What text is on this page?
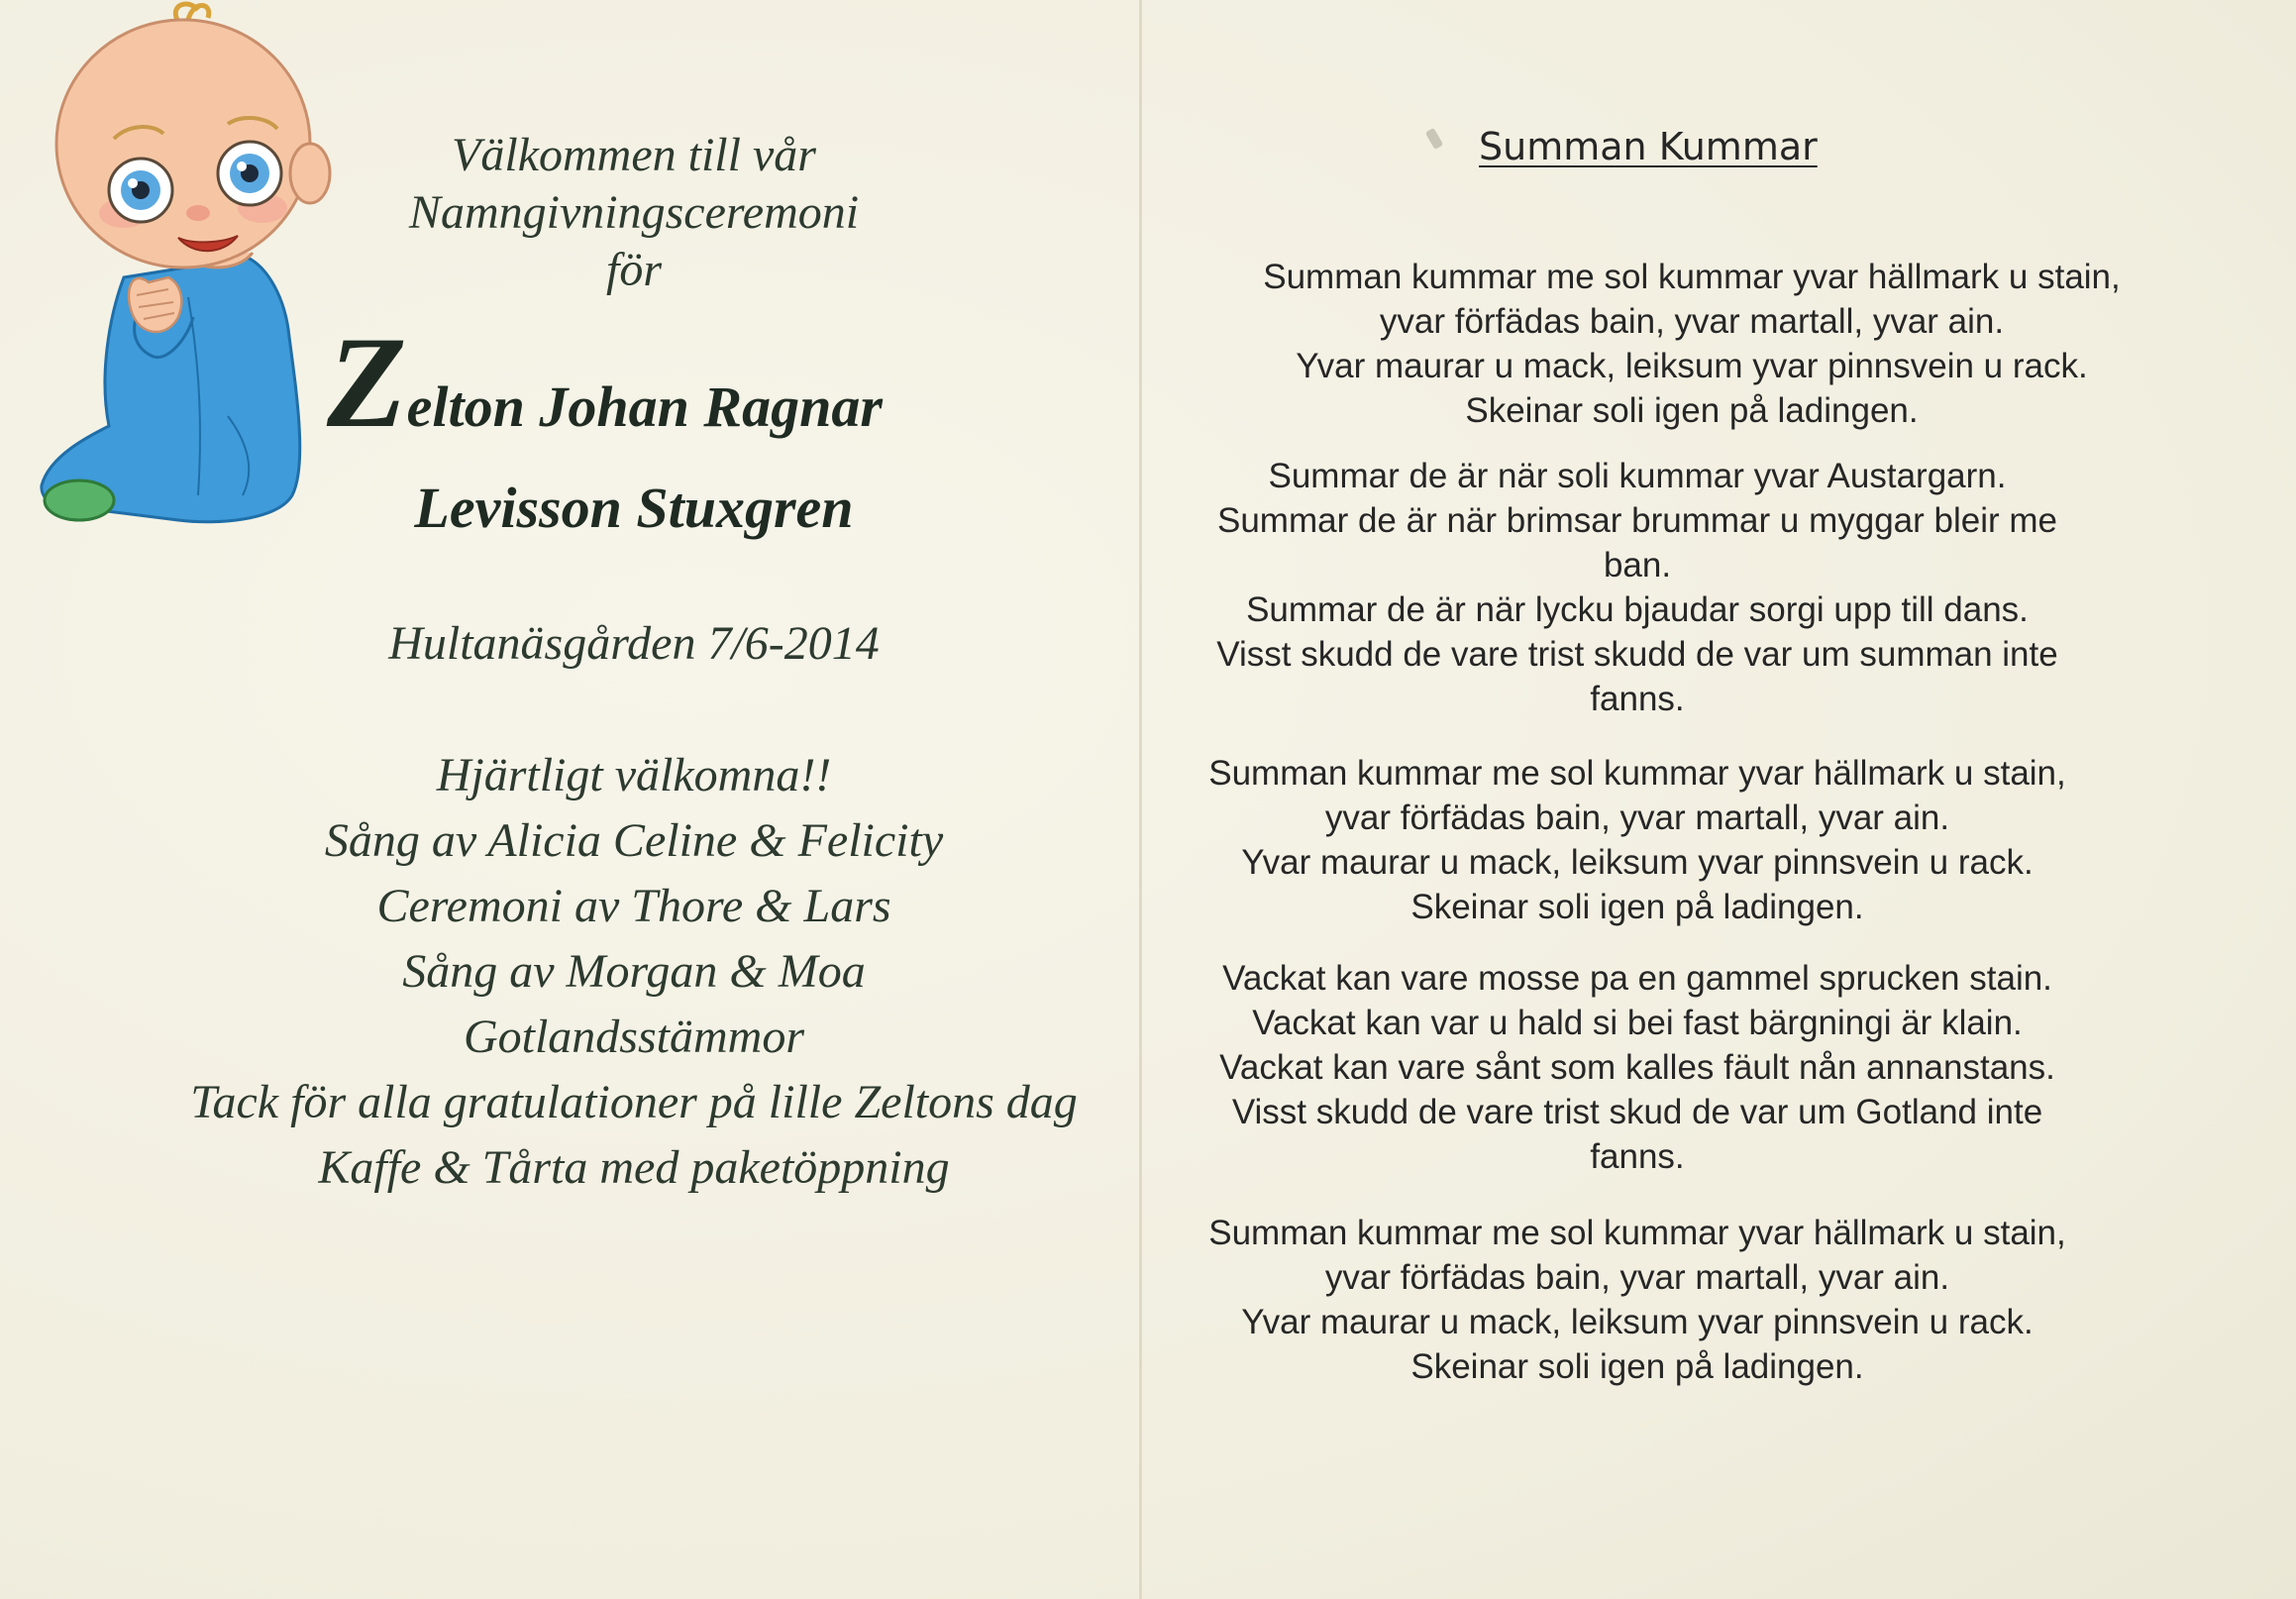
Välkommen till vår
Namngivningsceremoni
för
Zelton Johan Ragnar
Levisson Stuxgren
Hultanäsgården 7/6-2014
Hjärtligt välkomna!!
Sång av Alicia Celine & Felicity
Ceremoni av Thore & Lars
Sång av Morgan & Moa
Gotlandsstämmor
Tack för alla gratulationer på lille Zeltons dag
Kaffe & Tårta med paketöppning
Summan Kummar
Summan kummar me sol kummar yvar hällmark u stain,
yvar förfädas bain, yvar martall, yvar ain.
Yvar maurar u mack, leiksum yvar pinnsvein u rack.
Skeinar soli igen på ladingen.
Summar de är när soli kummar yvar Austargarn.
Summar de är när brimsar brummar u myggar bleir me
ban.
Summar de är när lycku bjaudar sorgi upp till dans.
Visst skudd de vare trist skudd de var um summan inte
fanns.
Summan kummar me sol kummar yvar hällmark u stain,
yvar förfädas bain, yvar martall, yvar ain.
Yvar maurar u mack, leiksum yvar pinnsvein u rack.
Skeinar soli igen på ladingen.
Vackat kan vare mosse pa en gammel sprucken stain.
Vackat kan var u hald si bei fast bärgningi är klain.
Vackat kan vare sånt som kalles fäult nån annanstans.
Visst skudd de vare trist skud de var um Gotland inte
fanns.
Summan kummar me sol kummar yvar hällmark u stain,
yvar förfädas bain, yvar martall, yvar ain.
Yvar maurar u mack, leiksum yvar pinnsvein u rack.
Skeinar soli igen på ladingen.
